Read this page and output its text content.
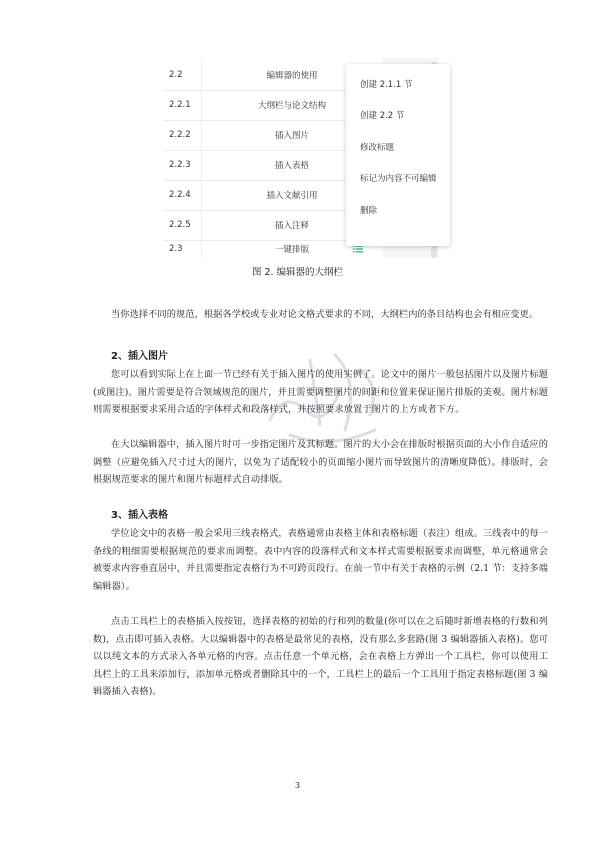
2.2	编辑器的使用
2.2.1	大纲栏与论文结构
2.2.2	插入图片
2.2.3	插入表格
2.2.4	插入文献引用
2.2.5	插入注释
2.3	一键排版
创建 2.1.1 节
创建 2.2 节
修改标题
标记为内容不可编辑
删除
图 2. 编辑器的大纲栏

当你选择不同的规范，根据各学校或专业对论文格式要求的不同，大纲栏内的条目结构也会有相应变更。

2、插入图片

您可以看到实际上在上面一节已经有关于插入图片的使用实例了。论文中的图片一般包括图片以及图片标题(或图注)。图片需要是符合领域规范的图片，并且需要调整图片的间距和位置来保证图片排版的美观。图片标题则需要根据要求采用合适的字体样式和段落样式，并按照要求放置于图片的上方或者下方。

在大以编辑器中，插入图片时可一步指定图片及其标题。图片的大小会在排版时根据页面的大小作自适应的调整（应避免插入尺寸过大的图片，以免为了适配较小的页面缩小图片而导致图片的清晰度降低）。排版时，会根据规范要求的图片和图片标题样式自动排版。

3、插入表格

学位论文中的表格一般会采用三线表格式，表格通常由表格主体和表格标题（表注）组成。三线表中的每一条线的粗细需要根据规范的要求而调整。表中内容的段落样式和文本样式需要根据要求而调整，单元格通常会被要求内容垂直居中，并且需要指定表格行为不可跨页段行。在前一节中有关于表格的示例（2.1 节：支持多端编辑器）。

点击工具栏上的表格插入按按钮，选择表格的初始的行和列的数量(你可以在之后随时新增表格的行数和列数)，点击即可插入表格。大以编辑器中的表格是最常见的表格，没有那么多套路(图 3 编辑器插入表格)。您可以以纯文本的方式录入各单元格的内容。点击任意一个单元格，会在表格上方弹出一个工具栏，你可以使用工具栏上的工具来添加行，添加单元格或者删除其中的一个，工具栏上的最后一个工具用于指定表格标题(图 3 编辑器插入表格)。

3
